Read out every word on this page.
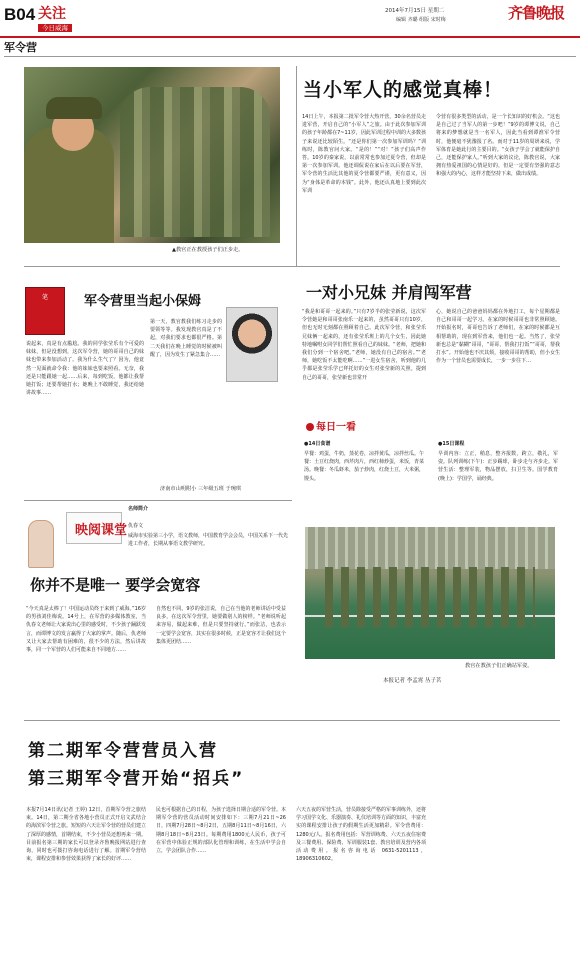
B04 关注
今日威海
2014年7月15日 星期二
编辑 齐璐 组版 宋时梅	齐鲁晚报
军令营
▲教官正在教授孩子们正步走。
当小军人的感觉真棒！
14日上午，本报第二批军令营大热开营，30余名营员走进军营，开启自己的“小军人”之旅。由于此次参加军训的孩子年龄都在7~11岁，因此军训过程中训的大多数孩子来说还比较陌生。“还是你们第一次参加军训吗？”训练时，陈教官问大家。“是的！”“对！”孩子们高声作答。10岁的秦家说，以前常常也参加过夏令营，但却是第一次参加军训。他还调侃说在家后在以后要在军营，军令营的生活比其他的夏令营都要严谨，更有意义，因为“身体是革命的本钱”。此外，他还认真地上要到此次军训
令营有很多类型的活动，是一个长知识的好机会。“这也是自己过了当军人的第一步吧！”9岁的谭博文说，自己将来的梦想就是当一名军人，因此当看到谭淮军令营时，他便毫不犹豫报了名。而对于11岁的周妍来说，学军体育是她此行的主要目的。“女孩子学会了就能保护自己，还能保护家人。”听到大家的议论，陈教官说，大家拥有热爱祖国的心情是好的，但是一定要有坚强的意志和强大的内心，这样才能坚持下来，做出成绩。
一对小兄妹 并肩闯军营
“我是和哥哥一起来的。”只有7岁半的张莹新说，这次军令营她是和哥哥张南乐一起来的，虽然哥哥只有10岁，但也无时无刻都在照顾着自己。此次军令营，和张莹乐兄妹俩一起来的，还有张莹乐班上的几个女生，因此她特地嘱咐女同学们帮忙照看自己的妹妹。“老师，把她和我们分到一个宿舍吧。”老师，她没有自己的宿舍。”“老师，她吃饭不太能吃啊……”一进女生宿舍，听到他的几乎都是张莹乐学已拜托好的女生对张莹新的关照。提到自己的哥哥，张莹新也非常开
心，她说自己的爸爸妈妈都在外地打工，每个星期都是自己和哥哥一起学习。在家的时候哥哥也非常照顾她。开始报名时，哥哥也告诉了老师们，在家的时候都是互相帮助的，现在到军营来，他们也一起。当然了，张莹新也总是“黏糊”哥哥，“哥哥，帮我打打饭”“哥哥，帮我打水”。开始他也不厌其烦，接收哥哥的帮助，但小女生作为一个营员也需要成长，一步一步往下…
每日一看
●14日食谱
早餐：鸡蛋，牛奶，蒸花卷，凉拌黄瓜，凉拌丝瓜。午餐：土豆红烧肉，西芹肉片，西红柿炒蛋，米饭，青菜汤。晚餐：冬瓜虾米，茄子炒肉，红烧土豆，大米粥，馒头。
●15日课程
早训内容：立正，稍息，整齐报数，跨立，敬礼，军姿。队列训练(下午)：正步踢球，卧步走与齐步走。军营生活：整理军装，物品摆放，扫卫生等。国学教育(晚上)：学国学，诵经典。
教官在教孩子们正确站军姿。
本报记者 李孟霄 丛子茗
笔	军令营里当起小保姆
说起来，真是有点尴尬。我的同学张莹乐有个可爱的妹妹，但是没想到，这次军令营，她的哥哥自己的妹妹也带来参加活动了。我为什么生气了？因为，他竟然一见面就命令我：他的妹妹也要来照看。无奈，我还是只能跟她一起……后来，每到吃饭，他都让我帮她打饭；还要帮她打水；她晚上不敢睡觉，我还给她讲故事……
第一天，教官教我们练习走步的要领等等。我发现教官真是了不起，对我们要求也都很严格。第二天我们在晚上睡觉的时候被叫醒了，因为发生了紧急集合……
济南市山明附小 三年级五班 于琬琪
映阅课堂
名师简介
仇春文
威海市实验第三小学，语文教师，中国教育学会会员，中国关系下一代先进工作者，长期从事语文教学研究。
你并不是唯一 要学会宽容
“今天真是太棒了！中国运动员终于来到了威海。”16岁的男孩刘佳梅说。14号上，在军营的多媒体教室，当仇春文老师让大家说出心里的感受时，不少孩子踊跃发言，而谭博文的发言赢得了大家的掌声。随后，仇老师又让大家去帮助有困难的，很不少的方法，然后讲故事，同一个军营的人们可能来自不同地方……
自然也不同。9岁的张洁说，自己在当他的老师讲话中受益良多，在这次军令营里，她要做别人的榜样。“老师说听起来容易，做起来难，但是只要坚持就行。”而张洁，也表示一定要学会宽容，其实在很多时候，正是宽容才让我们这个集体更团结……
第二期军令营营员入营
第三期军令营开始“招兵”
本报7月14日讯(记者 王婷) 12日，首期军令营之旅结束。14日，第二期全省各地小营员正式开启文武结合的海滨军令营之旅。短短的六天让军令营的营员们建立了深厚的感情，首期结束，不少小营员还想再来一期。目前报名第三期的家长可以登录齐鲁晚报网站进行查询，同时也可拨打咨询电话进行了解。首期军令营结束，课程安排和参营效果获得了家长的好评……
民也可根据自己的日程，为孩子选择日期合适的军令营。本期军令营的营员活动时间安排如下：三期7月21日~26日，四期7月28日~8月2日，五期8月11日~8月16日，六期8月18日~8月23日。每期费用1800元人民币，孩子可在军营中体验正规的部队化管理和训练，在生活中学会自立，学会团队合作……
六天五夜的军营生活，营员除接受严格的军事训练外，还将学习国学文化、乐器演奏、礼仪培训等方面的知识，丰富充实的课程安排让孩子的假期生活更加精彩。军令营费用：1280元/人。报名费用包括：军营训练费、六天五夜住宿费及三餐费用、保险费、军训服装1套、教官培训及营内各项活动费用。报名咨询电话 0631-5201113，18906310602。
